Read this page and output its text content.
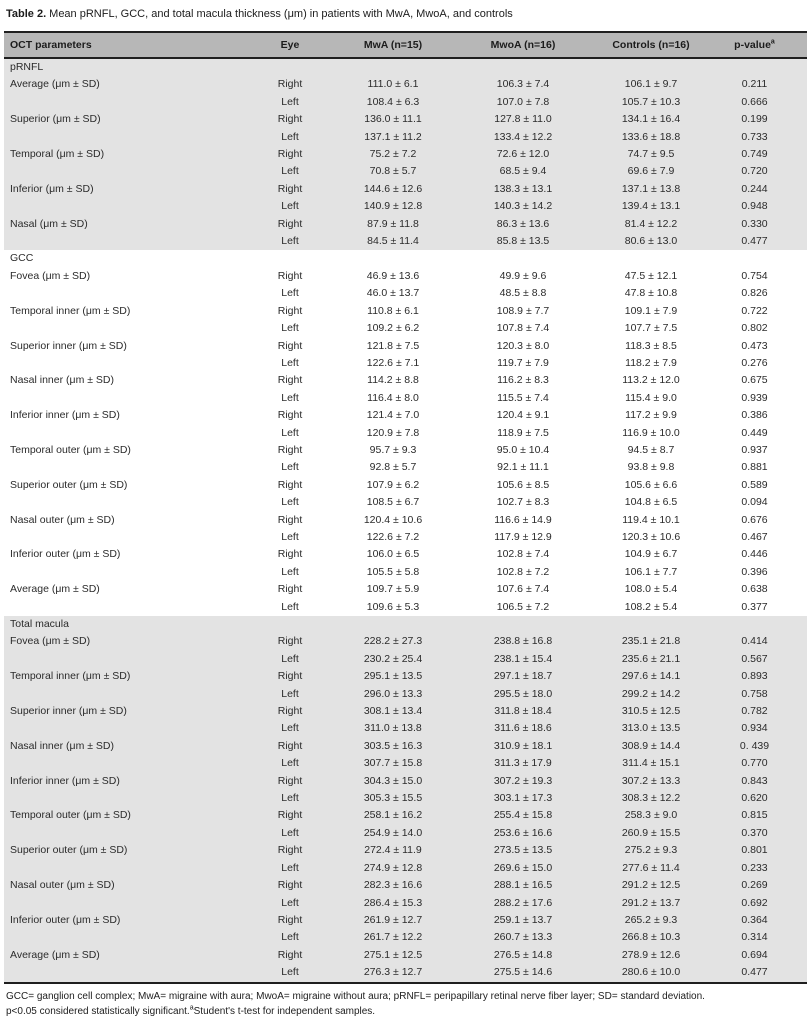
Table 2. Mean pRNFL, GCC, and total macula thickness (μm) in patients with MwA, MwoA, and controls
OCT parameters	Eye	MwA (n=15)	MwoA (n=16)	Controls (n=16)	p-value$^a$
pRNFL					
Average (μm ± SD)	Right	111.0 ± 6.1	106.3 ± 7.4	106.1 ± 9.7	0.211
	Left	108.4 ± 6.3	107.0 ± 7.8	105.7 ± 10.3	0.666
Superior (μm ± SD)	Right	136.0 ± 11.1	127.8 ± 11.0	134.1 ± 16.4	0.199
	Left	137.1 ± 11.2	133.4 ± 12.2	133.6 ± 18.8	0.733
Temporal (μm ± SD)	Right	75.2 ± 7.2	72.6 ± 12.0	74.7 ± 9.5	0.749
	Left	70.8 ± 5.7	68.5 ± 9.4	69.6 ± 7.9	0.720
Inferior (μm ± SD)	Right	144.6 ± 12.6	138.3 ± 13.1	137.1 ± 13.8	0.244
	Left	140.9 ± 12.8	140.3 ± 14.2	139.4 ± 13.1	0.948
Nasal (μm ± SD)	Right	87.9 ± 11.8	86.3 ± 13.6	81.4 ± 12.2	0.330
	Left	84.5 ± 11.4	85.8 ± 13.5	80.6 ± 13.0	0.477
GCC					
Fovea (μm ± SD)	Right	46.9 ± 13.6	49.9 ± 9.6	47.5 ± 12.1	0.754
	Left	46.0 ± 13.7	48.5 ± 8.8	47.8 ± 10.8	0.826
Temporal inner (μm ± SD)	Right	110.8 ± 6.1	108.9 ± 7.7	109.1 ± 7.9	0.722
	Left	109.2 ± 6.2	107.8 ± 7.4	107.7 ± 7.5	0.802
Superior inner (μm ± SD)	Right	121.8 ± 7.5	120.3 ± 8.0	118.3 ± 8.5	0.473
	Left	122.6 ± 7.1	119.7 ± 7.9	118.2 ± 7.9	0.276
Nasal inner (μm ± SD)	Right	114.2 ± 8.8	116.2 ± 8.3	113.2 ± 12.0	0.675
	Left	116.4 ± 8.0	115.5 ± 7.4	115.4 ± 9.0	0.939
Inferior inner (μm ± SD)	Right	121.4 ± 7.0	120.4 ± 9.1	117.2 ± 9.9	0.386
	Left	120.9 ± 7.8	118.9 ± 7.5	116.9 ± 10.0	0.449
Temporal outer (μm ± SD)	Right	95.7 ± 9.3	95.0 ± 10.4	94.5 ± 8.7	0.937
	Left	92.8 ± 5.7	92.1 ± 11.1	93.8 ± 9.8	0.881
Superior outer (μm ± SD)	Right	107.9 ± 6.2	105.6 ± 8.5	105.6 ± 6.6	0.589
	Left	108.5 ± 6.7	102.7 ± 8.3	104.8 ± 6.5	0.094
Nasal outer (μm ± SD)	Right	120.4 ± 10.6	116.6 ± 14.9	119.4 ± 10.1	0.676
	Left	122.6 ± 7.2	117.9 ± 12.9	120.3 ± 10.6	0.467
Inferior outer (μm ± SD)	Right	106.0 ± 6.5	102.8 ± 7.4	104.9 ± 6.7	0.446
	Left	105.5 ± 5.8	102.8 ± 7.2	106.1 ± 7.7	0.396
Average (μm ± SD)	Right	109.7 ± 5.9	107.6 ± 7.4	108.0 ± 5.4	0.638
	Left	109.6 ± 5.3	106.5 ± 7.2	108.2 ± 5.4	0.377
Total macula					
Fovea (μm ± SD)	Right	228.2 ± 27.3	238.8 ± 16.8	235.1 ± 21.8	0.414
	Left	230.2 ± 25.4	238.1 ± 15.4	235.6 ± 21.1	0.567
Temporal inner (μm ± SD)	Right	295.1 ± 13.5	297.1 ± 18.7	297.6 ± 14.1	0.893
	Left	296.0 ± 13.3	295.5 ± 18.0	299.2 ± 14.2	0.758
Superior inner (μm ± SD)	Right	308.1 ± 13.4	311.8 ± 18.4	310.5 ± 12.5	0.782
	Left	311.0 ± 13.8	311.6 ± 18.6	313.0 ± 13.5	0.934
Nasal inner (μm ± SD)	Right	303.5 ± 16.3	310.9 ± 18.1	308.9 ± 14.4	0. 439
	Left	307.7 ± 15.8	311.3 ± 17.9	311.4 ± 15.1	0.770
Inferior inner (μm ± SD)	Right	304.3 ± 15.0	307.2 ± 19.3	307.2 ± 13.3	0.843
	Left	305.3 ± 15.5	303.1 ± 17.3	308.3 ± 12.2	0.620
Temporal outer (μm ± SD)	Right	258.1 ± 16.2	255.4 ± 15.8	258.3 ± 9.0	0.815
	Left	254.9 ± 14.0	253.6 ± 16.6	260.9 ± 15.5	0.370
Superior outer (μm ± SD)	Right	272.4 ± 11.9	273.5 ± 13.5	275.2 ± 9.3	0.801
	Left	274.9 ± 12.8	269.6 ± 15.0	277.6 ± 11.4	0.233
Nasal outer (μm ± SD)	Right	282.3 ± 16.6	288.1 ± 16.5	291.2 ± 12.5	0.269
	Left	286.4 ± 15.3	288.2 ± 17.6	291.2 ± 13.7	0.692
Inferior outer (μm ± SD)	Right	261.9 ± 12.7	259.1 ± 13.7	265.2 ± 9.3	0.364
	Left	261.7 ± 12.2	260.7 ± 13.3	266.8 ± 10.3	0.314
Average (μm ± SD)	Right	275.1 ± 12.5	276.5 ± 14.8	278.9 ± 12.6	0.694
	Left	276.3 ± 12.7	275.5 ± 14.6	280.6 ± 10.0	0.477
GCC= ganglion cell complex; MwA= migraine with aura; MwoA= migraine without aura; pRNFL= peripapillary retinal nerve fiber layer; SD= standard deviation.
p<0.05 considered statistically significant.$^a$Student's t-test for independent samples.
